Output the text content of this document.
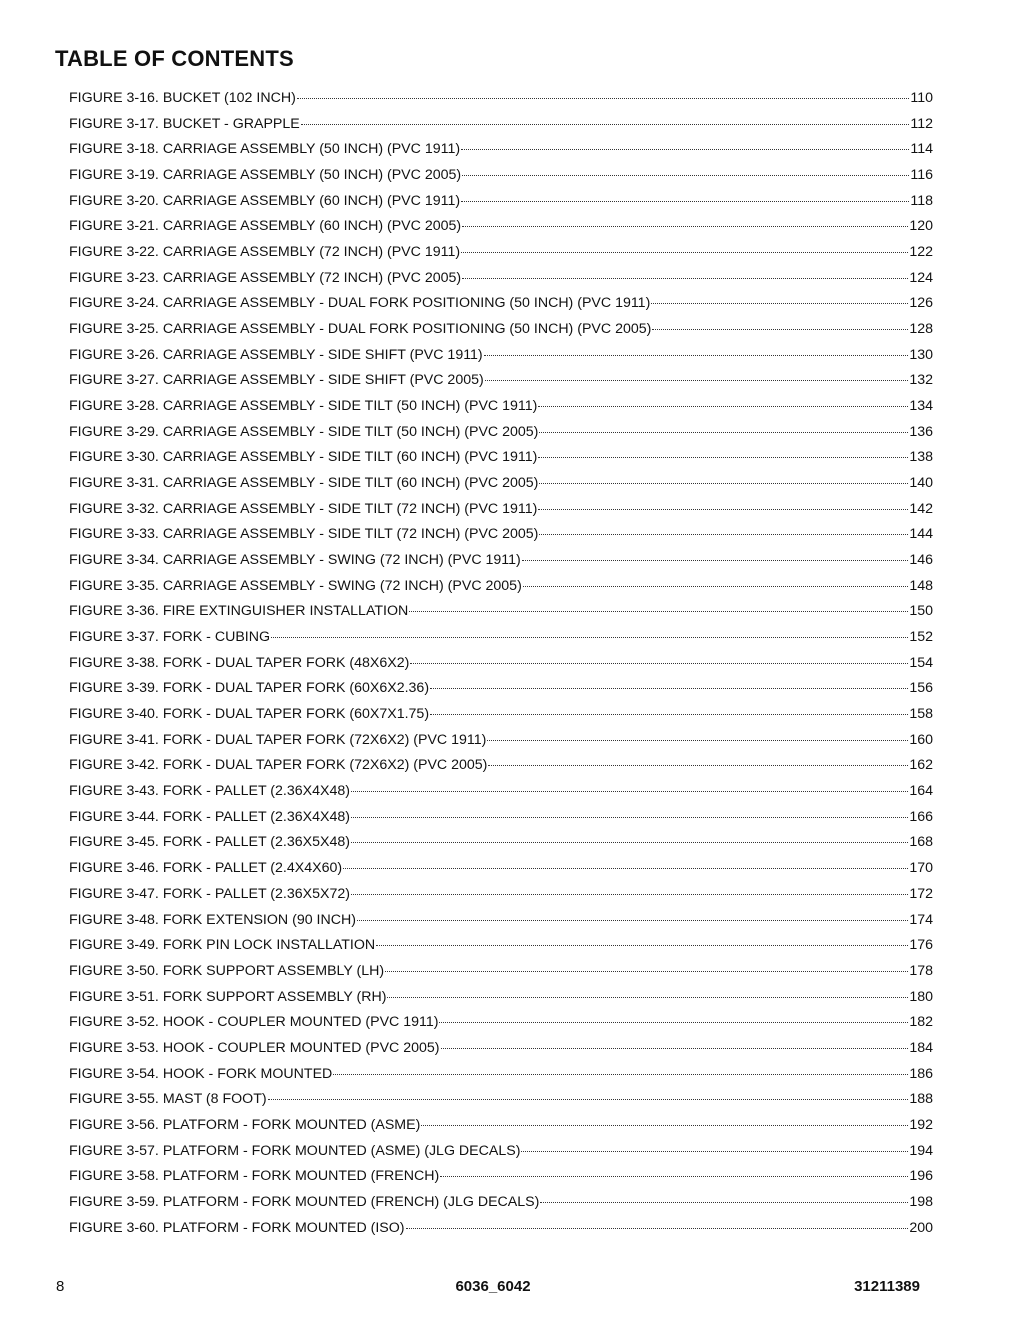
TABLE OF CONTENTS
FIGURE 3-16. BUCKET (102 INCH)	110
FIGURE 3-17. BUCKET - GRAPPLE	112
FIGURE 3-18. CARRIAGE ASSEMBLY (50 INCH) (PVC 1911)	114
FIGURE 3-19. CARRIAGE ASSEMBLY (50 INCH) (PVC 2005)	116
FIGURE 3-20. CARRIAGE ASSEMBLY (60 INCH) (PVC 1911)	118
FIGURE 3-21. CARRIAGE ASSEMBLY (60 INCH) (PVC 2005)	120
FIGURE 3-22. CARRIAGE ASSEMBLY (72 INCH) (PVC 1911)	122
FIGURE 3-23. CARRIAGE ASSEMBLY (72 INCH) (PVC 2005)	124
FIGURE 3-24. CARRIAGE ASSEMBLY - DUAL FORK POSITIONING (50 INCH) (PVC 1911)	126
FIGURE 3-25. CARRIAGE ASSEMBLY - DUAL FORK POSITIONING (50 INCH) (PVC 2005)	128
FIGURE 3-26. CARRIAGE ASSEMBLY - SIDE SHIFT (PVC 1911)	130
FIGURE 3-27. CARRIAGE ASSEMBLY - SIDE SHIFT (PVC 2005)	132
FIGURE 3-28. CARRIAGE ASSEMBLY - SIDE TILT (50 INCH) (PVC 1911)	134
FIGURE 3-29. CARRIAGE ASSEMBLY - SIDE TILT (50 INCH) (PVC 2005)	136
FIGURE 3-30. CARRIAGE ASSEMBLY - SIDE TILT (60 INCH) (PVC 1911)	138
FIGURE 3-31. CARRIAGE ASSEMBLY - SIDE TILT (60 INCH) (PVC 2005)	140
FIGURE 3-32. CARRIAGE ASSEMBLY - SIDE TILT (72 INCH) (PVC 1911)	142
FIGURE 3-33. CARRIAGE ASSEMBLY - SIDE TILT (72 INCH) (PVC 2005)	144
FIGURE 3-34. CARRIAGE ASSEMBLY - SWING (72 INCH) (PVC 1911)	146
FIGURE 3-35. CARRIAGE ASSEMBLY - SWING (72 INCH) (PVC 2005)	148
FIGURE 3-36. FIRE EXTINGUISHER INSTALLATION	150
FIGURE 3-37. FORK - CUBING	152
FIGURE 3-38. FORK - DUAL TAPER FORK (48X6X2)	154
FIGURE 3-39. FORK - DUAL TAPER FORK (60X6X2.36)	156
FIGURE 3-40. FORK - DUAL TAPER FORK (60X7X1.75)	158
FIGURE 3-41. FORK - DUAL TAPER FORK (72X6X2) (PVC 1911)	160
FIGURE 3-42. FORK - DUAL TAPER FORK (72X6X2) (PVC 2005)	162
FIGURE 3-43. FORK - PALLET (2.36X4X48)	164
FIGURE 3-44. FORK - PALLET (2.36X4X48)	166
FIGURE 3-45. FORK - PALLET (2.36X5X48)	168
FIGURE 3-46. FORK - PALLET (2.4X4X60)	170
FIGURE 3-47. FORK - PALLET (2.36X5X72)	172
FIGURE 3-48. FORK EXTENSION (90 INCH)	174
FIGURE 3-49. FORK PIN LOCK INSTALLATION	176
FIGURE 3-50. FORK SUPPORT ASSEMBLY (LH)	178
FIGURE 3-51. FORK SUPPORT ASSEMBLY (RH)	180
FIGURE 3-52. HOOK - COUPLER MOUNTED (PVC 1911)	182
FIGURE 3-53. HOOK - COUPLER MOUNTED (PVC 2005)	184
FIGURE 3-54. HOOK - FORK MOUNTED	186
FIGURE 3-55. MAST (8 FOOT)	188
FIGURE 3-56. PLATFORM - FORK MOUNTED (ASME)	192
FIGURE 3-57. PLATFORM - FORK MOUNTED (ASME) (JLG DECALS)	194
FIGURE 3-58. PLATFORM - FORK MOUNTED (FRENCH)	196
FIGURE 3-59. PLATFORM - FORK MOUNTED (FRENCH) (JLG DECALS)	198
FIGURE 3-60. PLATFORM - FORK MOUNTED (ISO)	200
8	6036_6042	31211389
